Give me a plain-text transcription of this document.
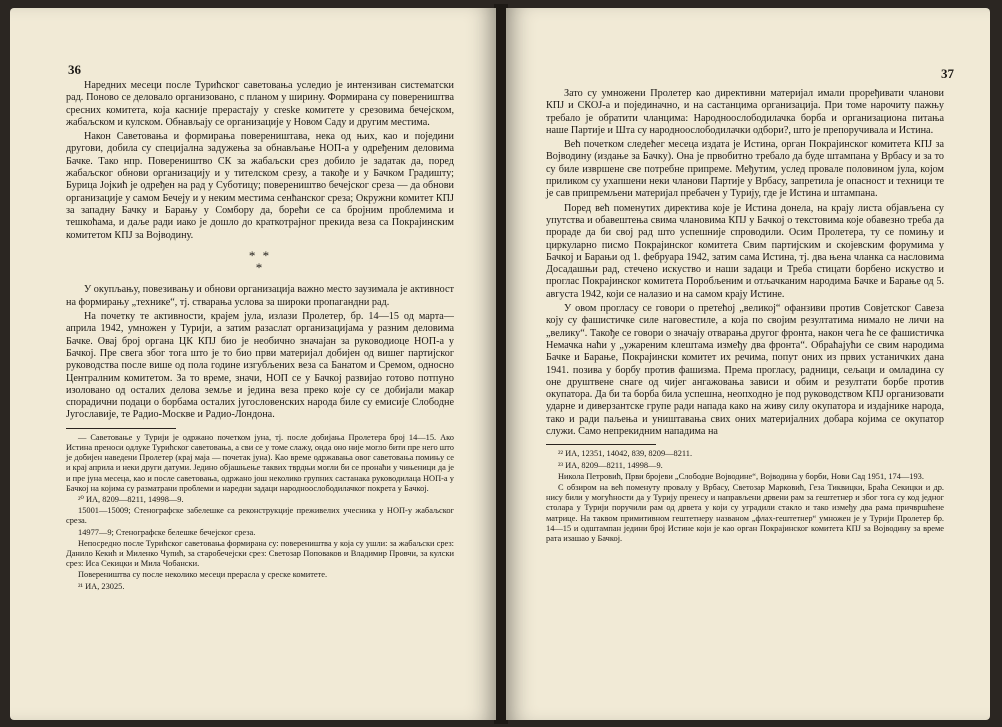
36

Наредних месеци после Турићског саветовања уследио је интензиван систематски рад. Поново се деловало организовано, с планом у ширину. Формирана су повереништва сресних комитета, која касније прерастају у сreske комитете у срезовима бечејском, жабаљском и кулском. Обнављају се организације у Новом Саду и другим местима.

Након Саветовања и формирања повереништава, нека од њих, као и поједини другови, добила су специјална задужења за обнављање НОП-а у одређеним деловима Бачке. Тако нпр. Повереништво СК за жабаљски срез добило је задатак да, поред жабаљског обнови организацију и у тителском срезу, а такође и у Бачком Градишту; Бурица Јојкић је одређен на рад у Суботицу; повереништво бечејског среза — да обнови организације у самом Бечеју и у неким местима сенћанског среза; Окружни комитет КПЈ за западну Бачку и Барању у Сомбору да, борећи се са бројним проблемима и тешкоћама, и даље ради иако је дошло до краткотрајног прекида веза са Покрајинским комитетом КПЈ за Војводину.

* *
*

У окупљању, повезивању и обнови организација важно место заузимала је активност на формирању „технике“, тј. стварања услова за широки пропагандни рад.

На почетку те активности, крајем јула, излази Пролетер, бр. 14—15 од марта—априла 1942, умножен у Турији, а затим разаслат организацијама у разним деловима Бачке. Овај број органа ЦК КПЈ био је необично значајан за руководиоце НОП-а у Бачкој. Пре свега због тога што је то био први материјал добијен од вишег партијског руководства после више од пола године изгубљених веза са Банатом и Сремом, односно Централним комитетом. За то време, значи, НОП се у Бачкој развијао готово потпуно изоловано од осталих делова земље и једина веза преко које су се добијали макар спорадични подаци о борбама осталих југословенских народа биле су емисије Слободне Југославије, те Радио-Москве и Радио-Лондона.

— Саветовање у Турији је одржано почетком јуна, тј. после добијања Пролетера број 14—15. Ако Истина преноси одлуке Турићског саветовања, а сви се у томе слажу, онда оно није могло бити пре него што је добијен наведени Пролетер (крај маја — почетак јуна). Као време одржавања овог саветовања помињу се и крај априла и неки други датуми. Једино објашњење таквих тврдњи могли би се пронаћи у чињеници да је и пре јуна месеца, као и после саветовања, одржано још неколико групних састанака руководилаца НОП-а у Бачкој на којима су разматрани проблеми и наредни задаци народноослободилачког покрета у Бачкој.

²⁰ ИА, 8209—8211, 14998—9.

15001—15009; Стенографске забелешке са реконструкције преживелих учесника у НОП-у жабаљског среза.

14977—9; Стенографске белешке бечејског среза.

Непосредно после Турићског саветовања формирана су: повереништва у која су ушли: за жабаљски срез: Данило Кекић и Миленко Чупић, за старобечејски срез: Светозар Поповаков и Владимир Провчи, за кулски срез: Иса Секицки и Мила Чобански.

Повереништва су после неколико месеци прерасла у среске комитете.

²¹ ИА, 23025.

37

Зато су умножени Пролетер као директивни материјал имали проређивати чланови КПЈ и СКОЈ-а и појединачно, и на састанцима организација. При томе нарочиту пажњу требало је обратити чланцима: Народноослободилачка борба и организациона питања наше Партије и Шта су народноослободилачки одбори?, што је препоручивала и Истина.

Већ почетком следећег месеца издата је Истина, орган Покрајинског комитета КПЈ за Војводину (издање за Бачку). Она је првобитно требало да буде штампана у Врбасу и за то су биле извршене све потребне припреме. Међутим, услед провале половином јула, којом приликом су ухапшени неки чланови Партије у Врбасу, запретила је опасност и техници те је сав припремљени материјал пребачен у Турију, где је Истина и штампана.

Поред већ поменутих директива које је Истина донела, на крају листа објављена су упутства и обавештења свима члановима КПЈ у Бачкој о текстовима које обавезно треба да прораде да би свој рад што успешније спроводили. Осим Пролетера, ту се помињу и циркуларно писмо Покрајинског комитета Свим партијским и скојевским форумима у Бачкој и Барањи од 1. фебруара 1942, затим сама Истина, тј. два њена чланка са насловима Досадашњи рад, стечено искуство и наши задаци и Треба стицати борбено искуство и проглас Покрајинског комитета Поробљеним и отљачканим народима Бачке и Барање од 5. августа 1942, који се налазио и на самом крају Истине.

У овом прогласу се говори о претећој „великој“ офанзиви против Совјетског Савеза коју су фашистичке силе наговестиле, а која по својим резултатима нимало не личи на „велику“. Такође се говори о значају отварања другог фронта, након чега ће се фашистичка Немачка наћи у „ужареним клештама између два фронта“. Обраћајући се свим народима Бачке и Барање, Покрајински комитет их речима, попут оних из првих устаничких дана 1941. позива у борбу против фашизма. Према прогласу, радници, сељаци и омладина су оне друштвене снаге од чијег ангажовања зависи и обим и резултати борбе против окупатора. Да би та борба била успешна, неопходно је под руководством КПЈ организовати ударне и диверзантске групе ради напада како на живу силу окупатора и издајнике народа, тако и ради паљења и уништавања свих оних материјалних добара којима се окупатор служи. Само непрекидним нападима на

²² ИА, 12351, 14042, 839, 8209—8211.

²³ ИА, 8209—8211, 14998—9.

Никола Петровић, Први бројеви „Слободне Војводине“, Војводина у борби, Нови Сад 1951, 174—193.

С обзиром на већ поменуту провалу у Врбасу, Светозар Марковић, Геза Тиквицки, Браћа Секицки и др. нису били у могућности да у Турију пренесу и направљени дрвени рам за гештетнер и због тога су код једног столара у Турији поручили рам од дрвета у који су уградили стакло и тако између два рама причвршћене матрице. На таквом примитивном гештетнеру названом „флах-гештетнер“ умножен је у Турији Пролетер бр. 14—15 и одштампан једини број Истине који је као орган Покрајинског комитета КПЈ за Војводину за време рата изашао у Бачкој.
